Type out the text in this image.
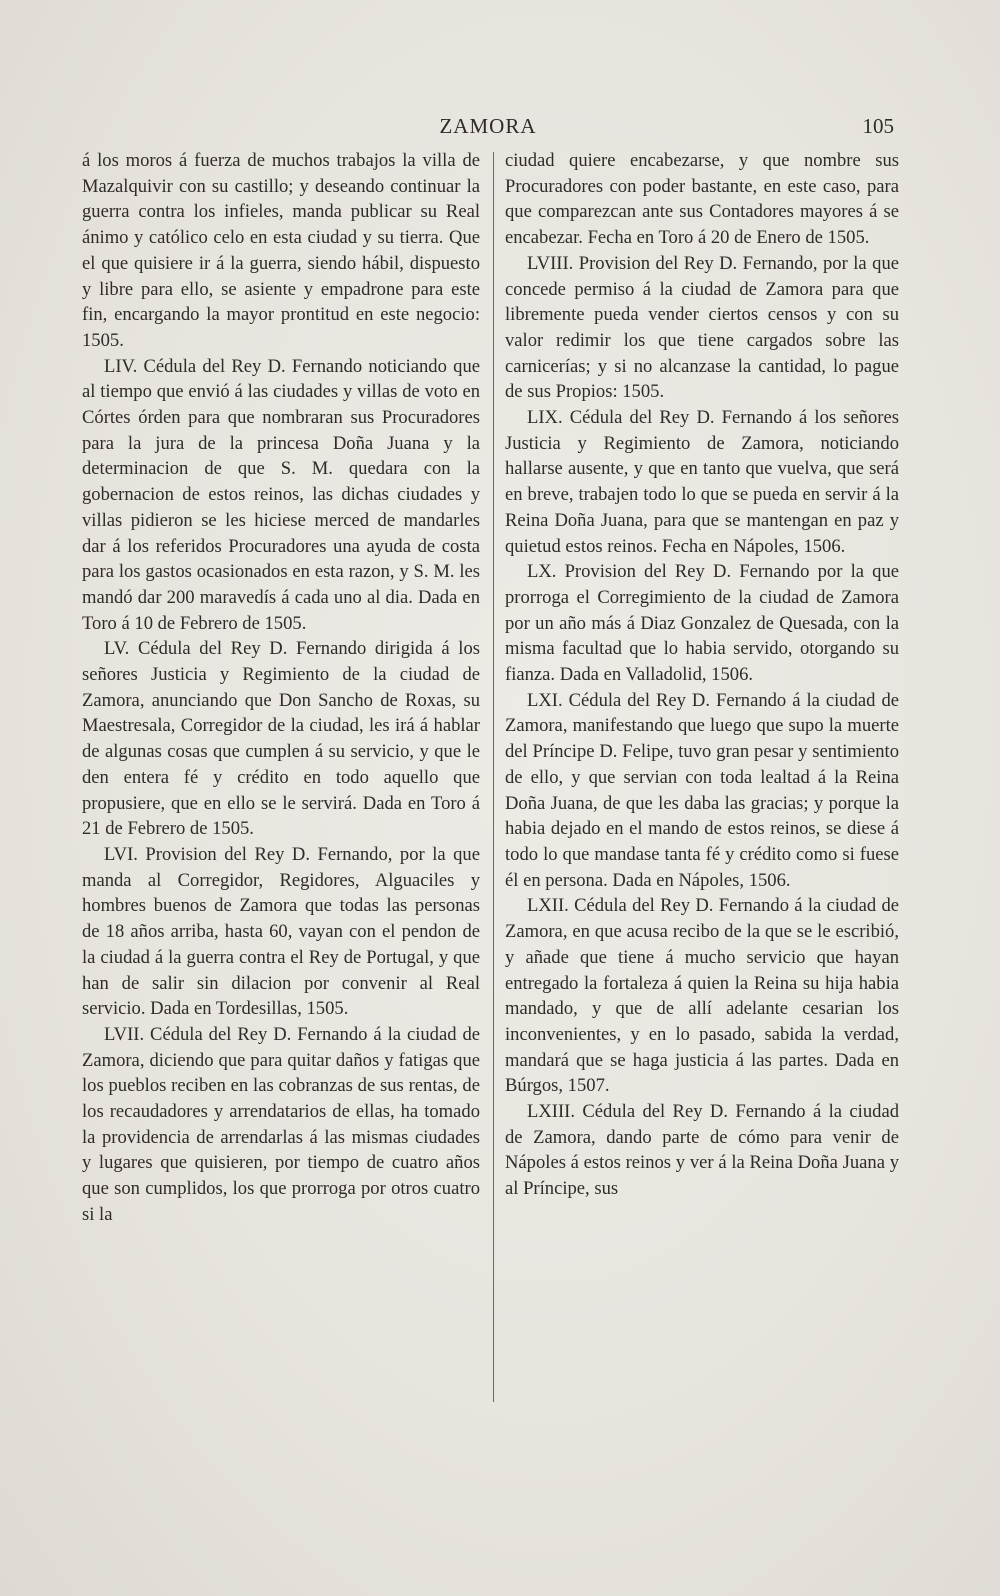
ZAMORA	105

á los moros á fuerza de muchos trabajos la villa de Mazalquivir con su castillo; y deseando continuar la guerra contra los infieles, manda publicar su Real ánimo y católico celo en esta ciudad y su tierra. Que el que quisiere ir á la guerra, siendo hábil, dispuesto y libre para ello, se asiente y empadrone para este fin, encargando la mayor prontitud en este negocio: 1505.

LIV. Cédula del Rey D. Fernando noticiando que al tiempo que envió á las ciudades y villas de voto en Córtes órden para que nombraran sus Procuradores para la jura de la princesa Doña Juana y la determinacion de que S. M. quedara con la gobernacion de estos reinos, las dichas ciudades y villas pidieron se les hiciese merced de mandarles dar á los referidos Procuradores una ayuda de costa para los gastos ocasionados en esta razon, y S. M. les mandó dar 200 maravedís á cada uno al dia. Dada en Toro á 10 de Febrero de 1505.

LV. Cédula del Rey D. Fernando dirigida á los señores Justicia y Regimiento de la ciudad de Zamora, anunciando que Don Sancho de Roxas, su Maestresala, Corregidor de la ciudad, les irá á hablar de algunas cosas que cumplen á su servicio, y que le den entera fé y crédito en todo aquello que propusiere, que en ello se le servirá. Dada en Toro á 21 de Febrero de 1505.

LVI. Provision del Rey D. Fernando, por la que manda al Corregidor, Regidores, Alguaciles y hombres buenos de Zamora que todas las personas de 18 años arriba, hasta 60, vayan con el pendon de la ciudad á la guerra contra el Rey de Portugal, y que han de salir sin dilacion por convenir al Real servicio. Dada en Tordesillas, 1505.

LVII. Cédula del Rey D. Fernando á la ciudad de Zamora, diciendo que para quitar daños y fatigas que los pueblos reciben en las cobranzas de sus rentas, de los recaudadores y arrendatarios de ellas, ha tomado la providencia de arrendarlas á las mismas ciudades y lugares que quisieren, por tiempo de cuatro años que son cumplidos, los que prorroga por otros cuatro si la

ciudad quiere encabezarse, y que nombre sus Procuradores con poder bastante, en este caso, para que comparezcan ante sus Contadores mayores á se encabezar. Fecha en Toro á 20 de Enero de 1505.

LVIII. Provision del Rey D. Fernando, por la que concede permiso á la ciudad de Zamora para que libremente pueda vender ciertos censos y con su valor redimir los que tiene cargados sobre las carnicerías; y si no alcanzase la cantidad, lo pague de sus Propios: 1505.

LIX. Cédula del Rey D. Fernando á los señores Justicia y Regimiento de Zamora, noticiando hallarse ausente, y que en tanto que vuelva, que será en breve, trabajen todo lo que se pueda en servir á la Reina Doña Juana, para que se mantengan en paz y quietud estos reinos. Fecha en Nápoles, 1506.

LX. Provision del Rey D. Fernando por la que prorroga el Corregimiento de la ciudad de Zamora por un año más á Diaz Gonzalez de Quesada, con la misma facultad que lo habia servido, otorgando su fianza. Dada en Valladolid, 1506.

LXI. Cédula del Rey D. Fernando á la ciudad de Zamora, manifestando que luego que supo la muerte del Príncipe D. Felipe, tuvo gran pesar y sentimiento de ello, y que servian con toda lealtad á la Reina Doña Juana, de que les daba las gracias; y porque la habia dejado en el mando de estos reinos, se diese á todo lo que mandase tanta fé y crédito como si fuese él en persona. Dada en Nápoles, 1506.

LXII. Cédula del Rey D. Fernando á la ciudad de Zamora, en que acusa recibo de la que se le escribió, y añade que tiene á mucho servicio que hayan entregado la fortaleza á quien la Reina su hija habia mandado, y que de allí adelante cesarian los inconvenientes, y en lo pasado, sabida la verdad, mandará que se haga justicia á las partes. Dada en Búrgos, 1507.

LXIII. Cédula del Rey D. Fernando á la ciudad de Zamora, dando parte de cómo para venir de Nápoles á estos reinos y ver á la Reina Doña Juana y al Príncipe, sus
